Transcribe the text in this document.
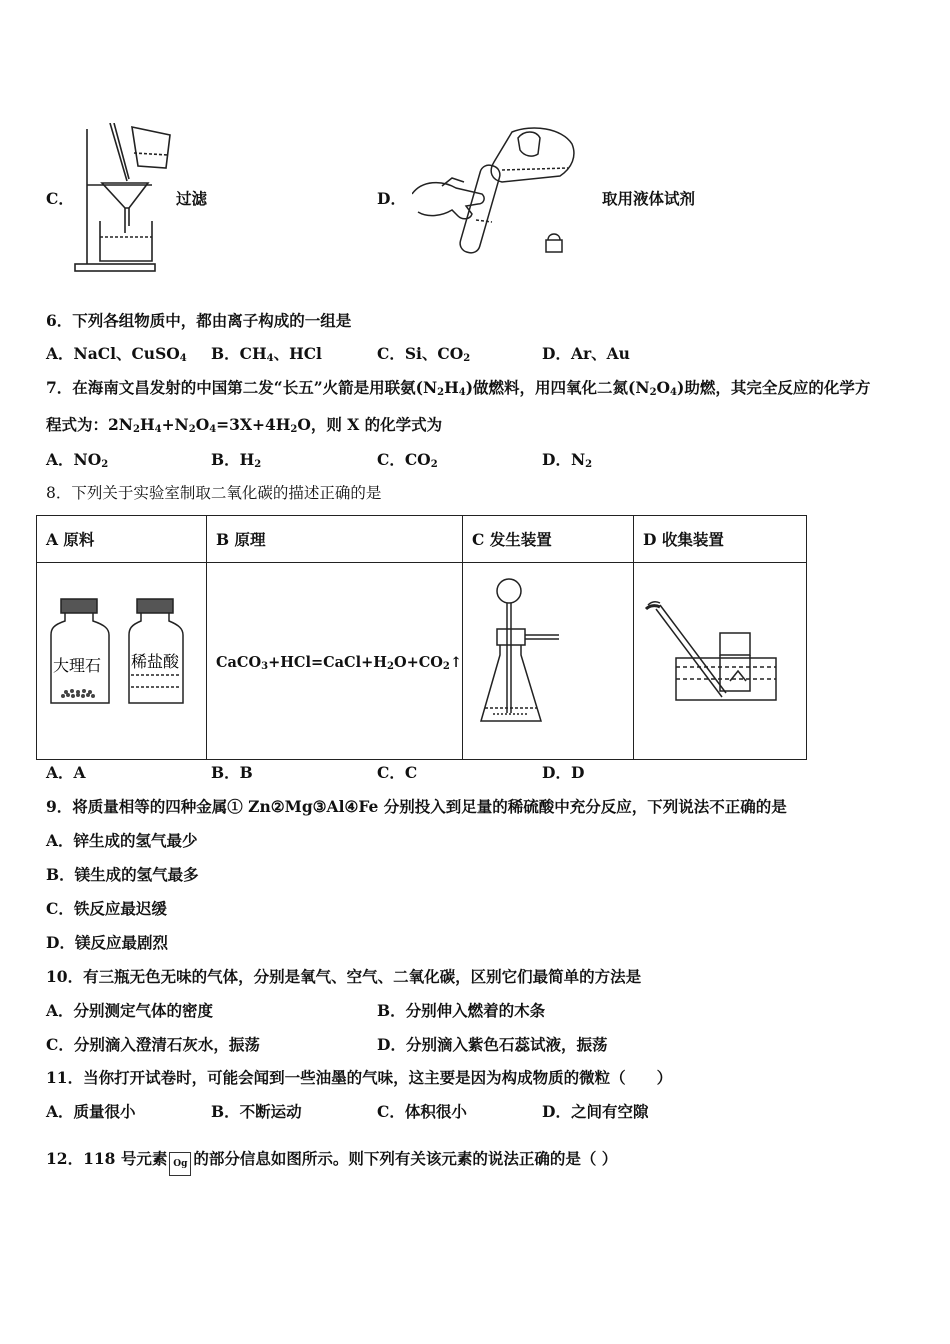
C．	过滤	D．	取用液体试剂
6．下列各组物质中，都由离子构成的一组是
A．NaCl、CuSO$_4$ B．$CH_4$、HCl	C．Si、$CO_2$	D．Ar、Au
7．在海南文昌发射的中国第二发“长五”火箭是用联氨$(N_2H_4)$做燃料，用四氧化二氮$(N_2O_4)$助燃，其完全反应的化学方
程式为：$2N_2H_4+N_2O_4=3X+4H_2O$，则 X 的化学式为
A．$NO_2$	B．$H_2$	C．$CO_2$	D．$N_2$
8．下列关于实验室制取二氧化碳的描述正确的是
A 原料	B 原理	C 发生装置	D 收集装置

大理石 稀盐酸	$CaCO_3+HCl=CaCl+H_2O+CO_2↑$	

A．A	B．B	C．C	D．D
9．将质量相等的四种金属① Zn②Mg③Al④Fe 分别投入到足量的稀硫酸中充分反应，下列说法不正确的是
A．锌生成的氢气最少
B．镁生成的氢气最多
C．铁反应最迟缓
D．镁反应最剧烈
10．有三瓶无色无味的气体，分别是氧气、空气、二氧化碳，区别它们最简单的方法是
A．分别测定气体的密度	B．分别伸入燃着的木条
C．分别滴入澄清石灰水，振荡	D．分别滴入紫色石蕊试液，振荡
11．当你打开试卷时，可能会闻到一些油墨的气味，这主要是因为构成物质的微粒（　　）
A．质量很小	B．不断运动	C．体积很小	D．之间有空隙
12．118 号元素 Og 的部分信息如图所示。则下列有关该元素的说法正确的是（ ）
